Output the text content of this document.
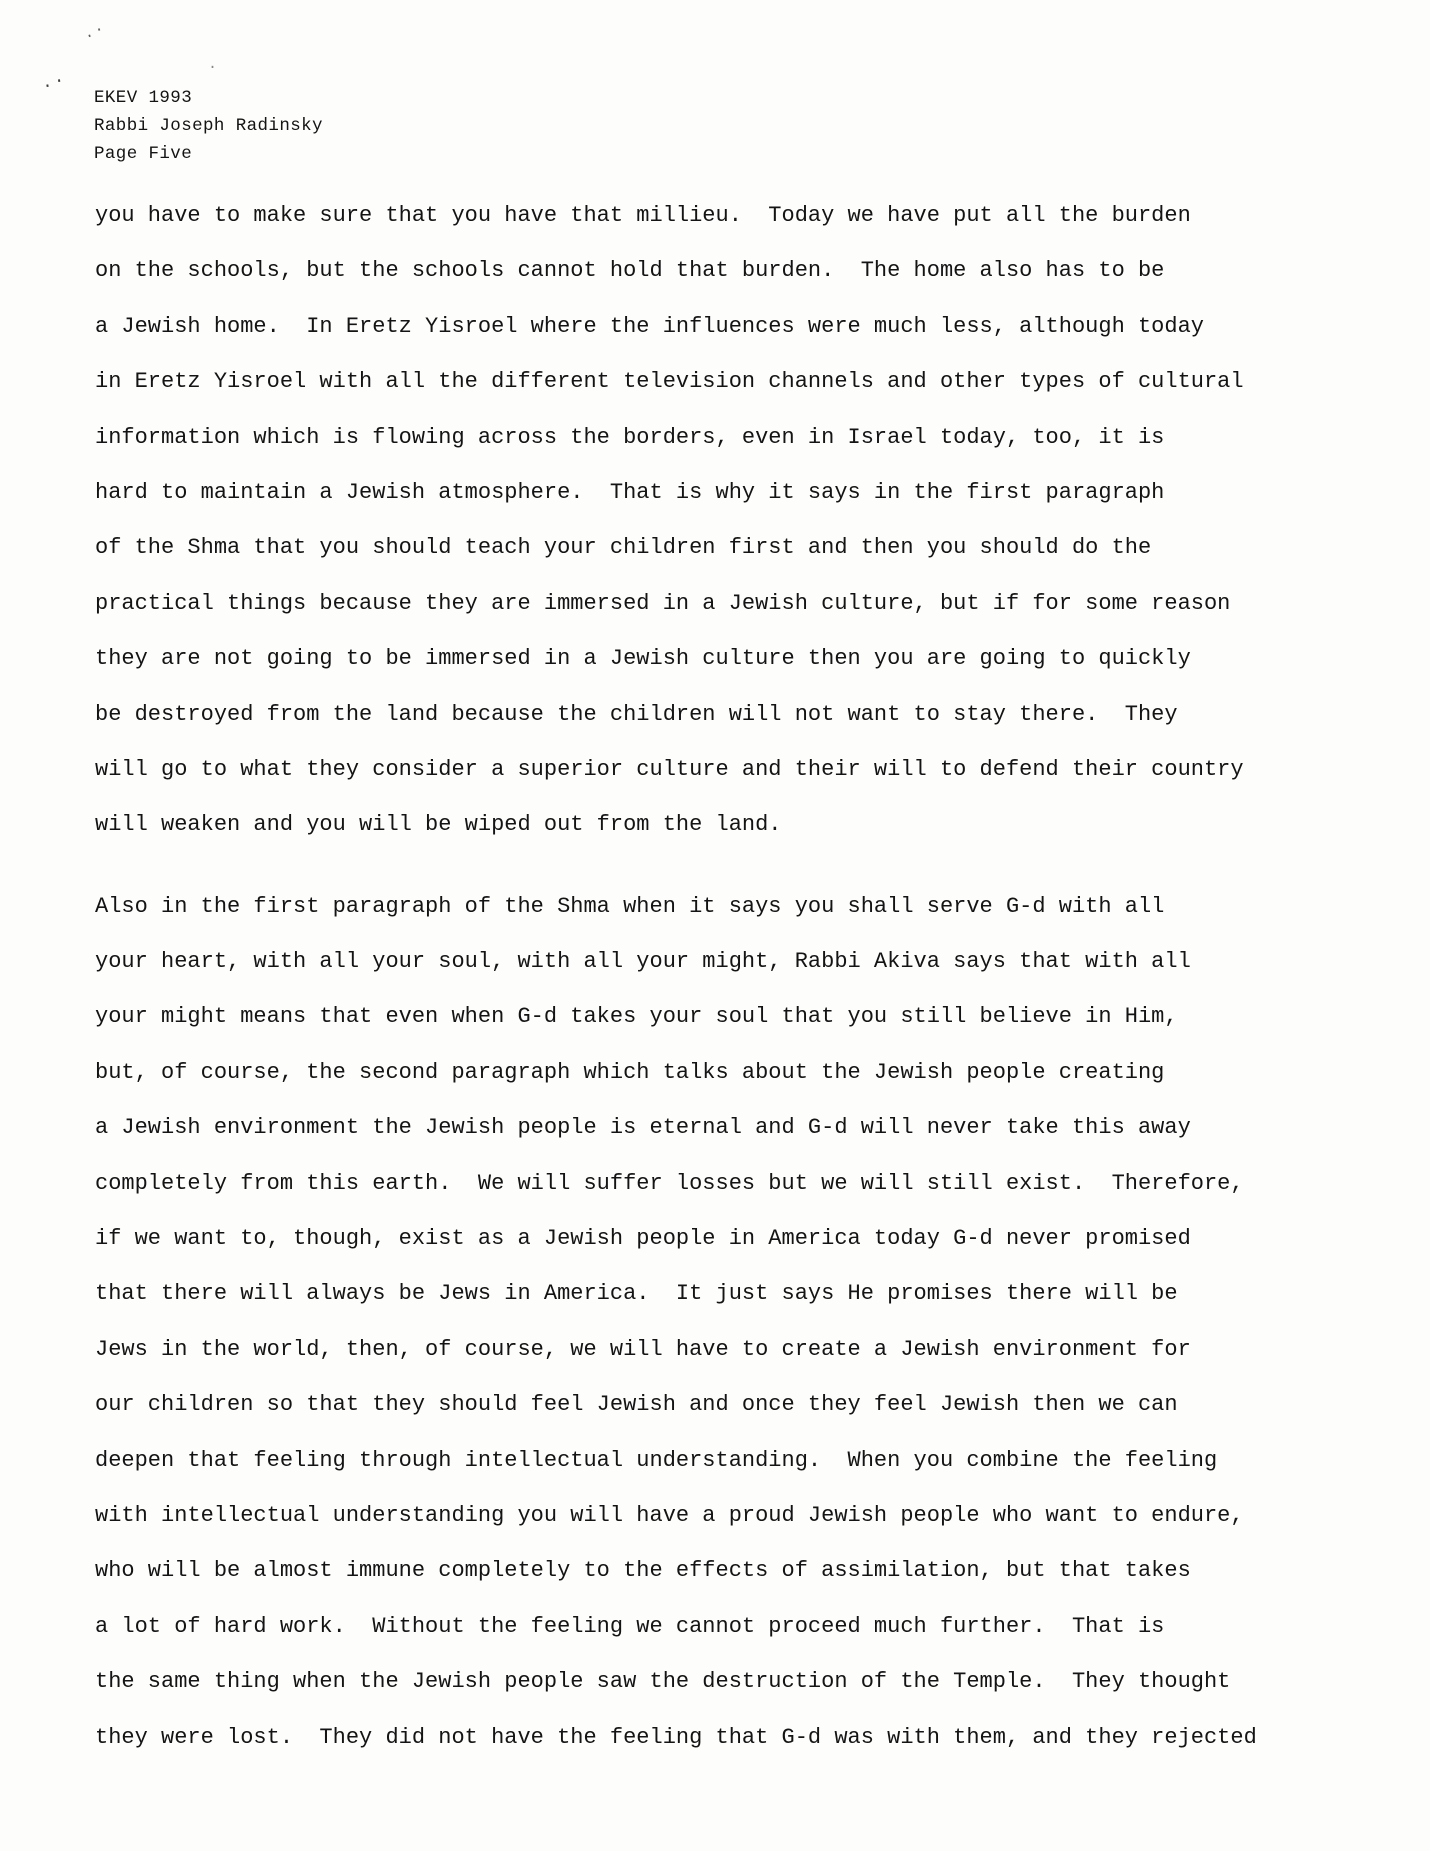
.·
.·
·
EKEV 1993
Rabbi Joseph Radinsky
Page Five
you have to make sure that you have that millieu.  Today we have put all the burden
on the schools, but the schools cannot hold that burden.  The home also has to be
a Jewish home.  In Eretz Yisroel where the influences were much less, although today
in Eretz Yisroel with all the different television channels and other types of cultural
information which is flowing across the borders, even in Israel today, too, it is
hard to maintain a Jewish atmosphere.  That is why it says in the first paragraph
of the Shma that you should teach your children first and then you should do the
practical things because they are immersed in a Jewish culture, but if for some reason
they are not going to be immersed in a Jewish culture then you are going to quickly
be destroyed from the land because the children will not want to stay there.  They
will go to what they consider a superior culture and their will to defend their country
will weaken and you will be wiped out from the land.
Also in the first paragraph of the Shma when it says you shall serve G-d with all
your heart, with all your soul, with all your might, Rabbi Akiva says that with all
your might means that even when G-d takes your soul that you still believe in Him,
but, of course, the second paragraph which talks about the Jewish people creating
a Jewish environment the Jewish people is eternal and G-d will never take this away
completely from this earth.  We will suffer losses but we will still exist.  Therefore,
if we want to, though, exist as a Jewish people in America today G-d never promised
that there will always be Jews in America.  It just says He promises there will be
Jews in the world, then, of course, we will have to create a Jewish environment for
our children so that they should feel Jewish and once they feel Jewish then we can
deepen that feeling through intellectual understanding.  When you combine the feeling
with intellectual understanding you will have a proud Jewish people who want to endure,
who will be almost immune completely to the effects of assimilation, but that takes
a lot of hard work.  Without the feeling we cannot proceed much further.  That is
the same thing when the Jewish people saw the destruction of the Temple.  They thought
they were lost.  They did not have the feeling that G-d was with them, and they rejected
